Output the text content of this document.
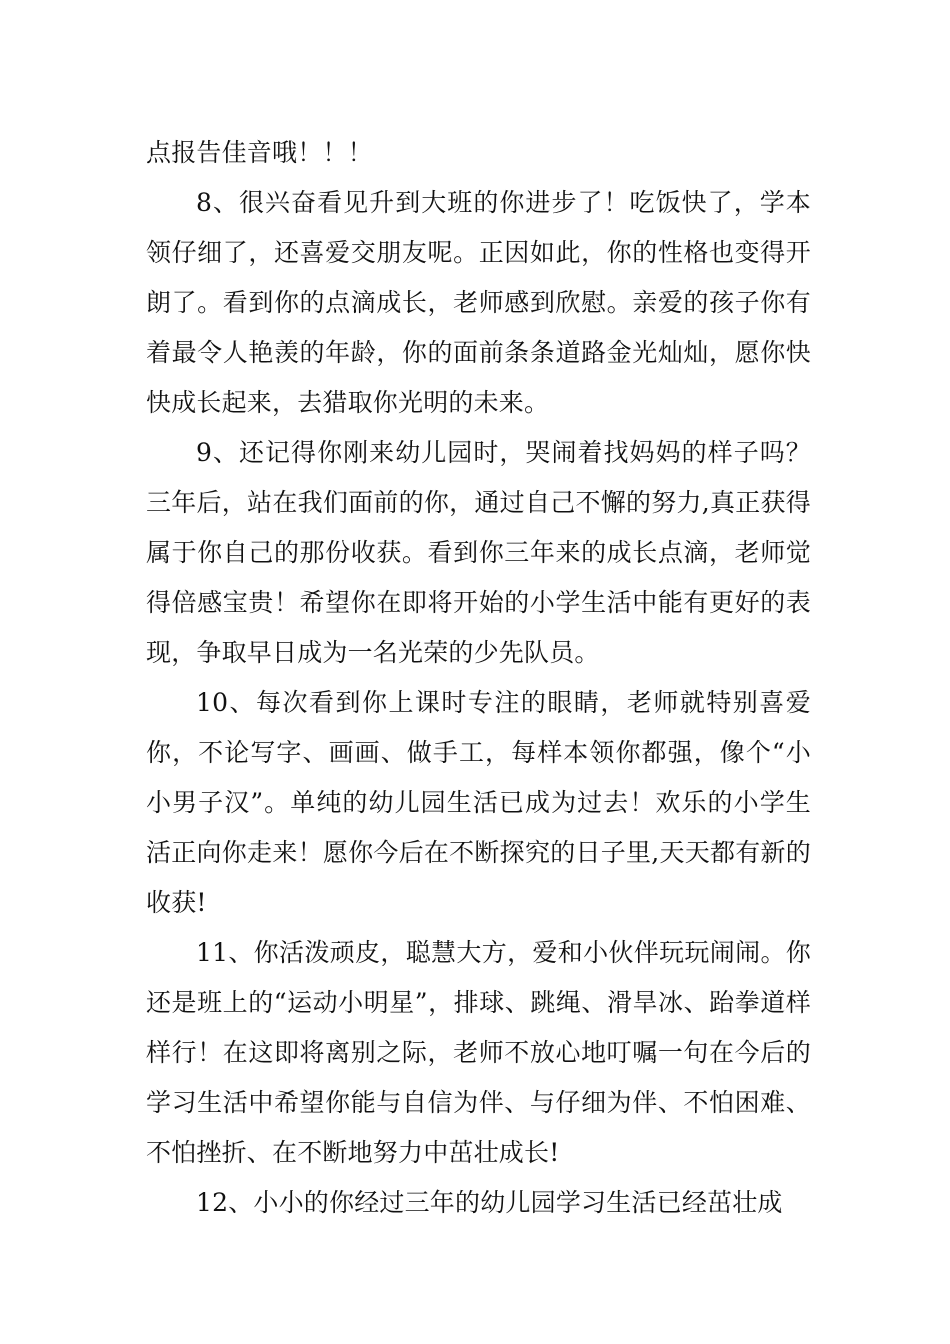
点报告佳音哦！！！

8、很兴奋看见升到大班的你进步了！吃饭快了，学本领仔细了，还喜爱交朋友呢。正因如此，你的性格也变得开朗了。看到你的点滴成长，老师感到欣慰。亲爱的孩子你有着最令人艳羡的年龄，你的面前条条道路金光灿灿，愿你快快成长起来，去猎取你光明的未来。

9、还记得你刚来幼儿园时，哭闹着找妈妈的样子吗？三年后，站在我们面前的你，通过自己不懈的努力,真正获得属于你自己的那份收获。看到你三年来的成长点滴，老师觉得倍感宝贵！希望你在即将开始的小学生活中能有更好的表现，争取早日成为一名光荣的少先队员。

10、每次看到你上课时专注的眼睛，老师就特别喜爱你，不论写字、画画、做手工，每样本领你都强，像个“小小男子汉”。单纯的幼儿园生活已成为过去！欢乐的小学生活正向你走来！愿你今后在不断探究的日子里,天天都有新的收获!

11、你活泼顽皮，聪慧大方，爱和小伙伴玩玩闹闹。你还是班上的“运动小明星”，排球、跳绳、滑旱冰、跆拳道样样行！在这即将离别之际，老师不放心地叮嘱一句在今后的学习生活中希望你能与自信为伴、与仔细为伴、不怕困难、不怕挫折、在不断地努力中茁壮成长!

12、小小的你经过三年的幼儿园学习生活已经茁壮成
